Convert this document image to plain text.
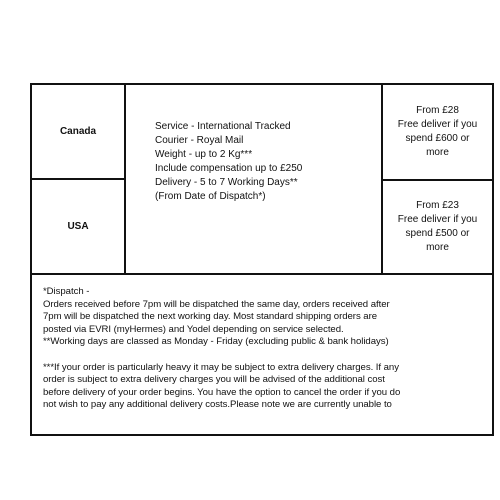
Canada
From £28
Free deliver if you
spend £600 or
more
USA
From £23
Free deliver if you
spend £500 or
more
Service - International Tracked
Courier - Royal Mail
Weight - up to 2 Kg***
Include compensation up to £250
Delivery - 5 to 7 Working Days**
(From Date of Dispatch*)
*Dispatch -
Orders received before 7pm will be dispatched the same day, orders received after
7pm will be dispatched the next working day. Most standard shipping orders are
posted via EVRI (myHermes) and Yodel depending on service selected.
**Working days are classed as Monday - Friday (excluding public & bank holidays)
***If your order is particularly heavy it may be subject to extra delivery charges. If any
order is subject to extra delivery charges you will be advised of the additional cost
before delivery of your order begins. You have the option to cancel the order if you do
not wish to pay any additional delivery costs.Please note we are currently unable to
